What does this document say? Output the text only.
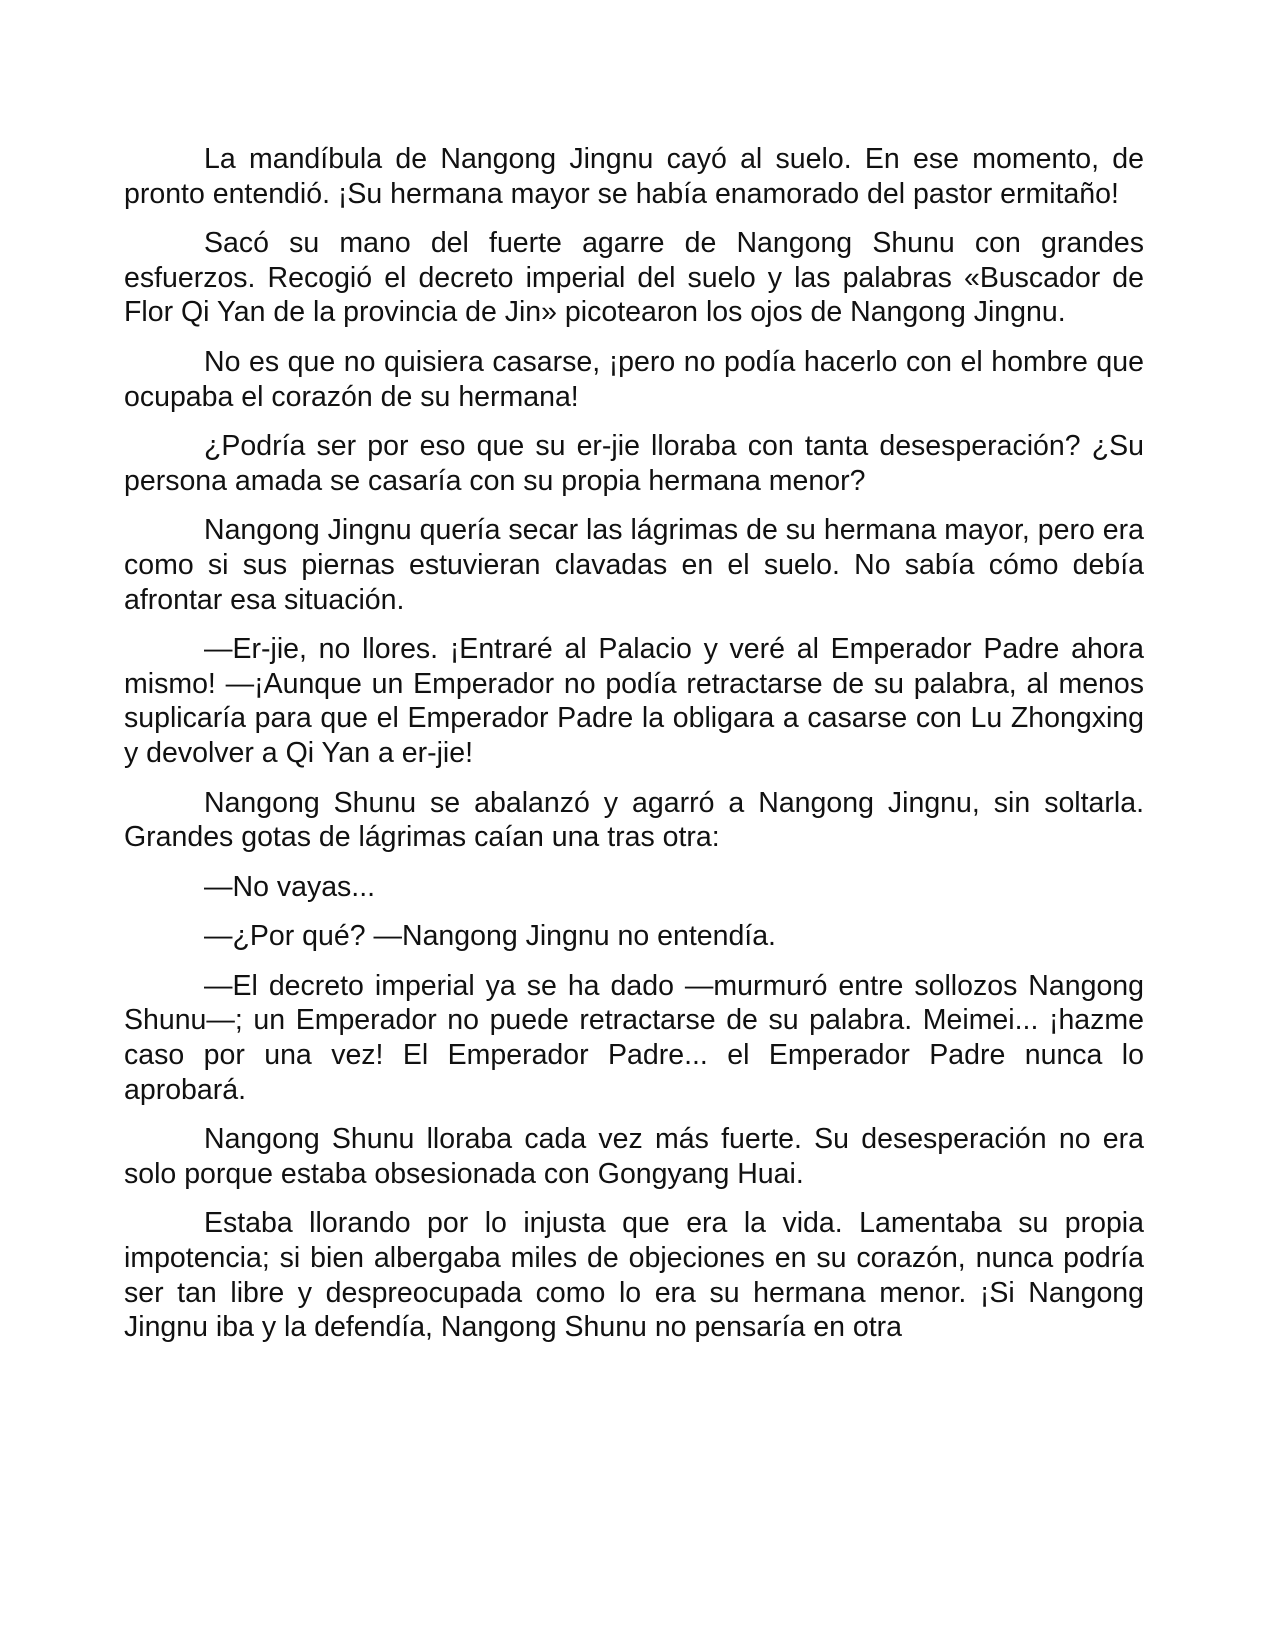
La mandíbula de Nangong Jingnu cayó al suelo. En ese momento, de pronto entendió. ¡Su hermana mayor se había enamorado del pastor ermitaño!

Sacó su mano del fuerte agarre de Nangong Shunu con grandes esfuerzos. Recogió el decreto imperial del suelo y las palabras «Buscador de Flor Qi Yan de la provincia de Jin» picotearon los ojos de Nangong Jingnu.

No es que no quisiera casarse, ¡pero no podía hacerlo con el hombre que ocupaba el corazón de su hermana!

¿Podría ser por eso que su er-jie lloraba con tanta desesperación? ¿Su persona amada se casaría con su propia hermana menor?

Nangong Jingnu quería secar las lágrimas de su hermana mayor, pero era como si sus piernas estuvieran clavadas en el suelo. No sabía cómo debía afrontar esa situación.

—Er-jie, no llores. ¡Entraré al Palacio y veré al Emperador Padre ahora mismo! —¡Aunque un Emperador no podía retractarse de su palabra, al menos suplicaría para que el Emperador Padre la obligara a casarse con Lu Zhongxing y devolver a Qi Yan a er-jie!

Nangong Shunu se abalanzó y agarró a Nangong Jingnu, sin soltarla. Grandes gotas de lágrimas caían una tras otra:

—No vayas...

—¿Por qué? —Nangong Jingnu no entendía.

—El decreto imperial ya se ha dado —murmuró entre sollozos Nangong Shunu—; un Emperador no puede retractarse de su palabra. Meimei... ¡hazme caso por una vez! El Emperador Padre... el Emperador Padre nunca lo aprobará.

Nangong Shunu lloraba cada vez más fuerte. Su desesperación no era solo porque estaba obsesionada con Gongyang Huai.

Estaba llorando por lo injusta que era la vida. Lamentaba su propia impotencia; si bien albergaba miles de objeciones en su corazón, nunca podría ser tan libre y despreocupada como lo era su hermana menor. ¡Si Nangong Jingnu iba y la defendía, Nangong Shunu no pensaría en otra
